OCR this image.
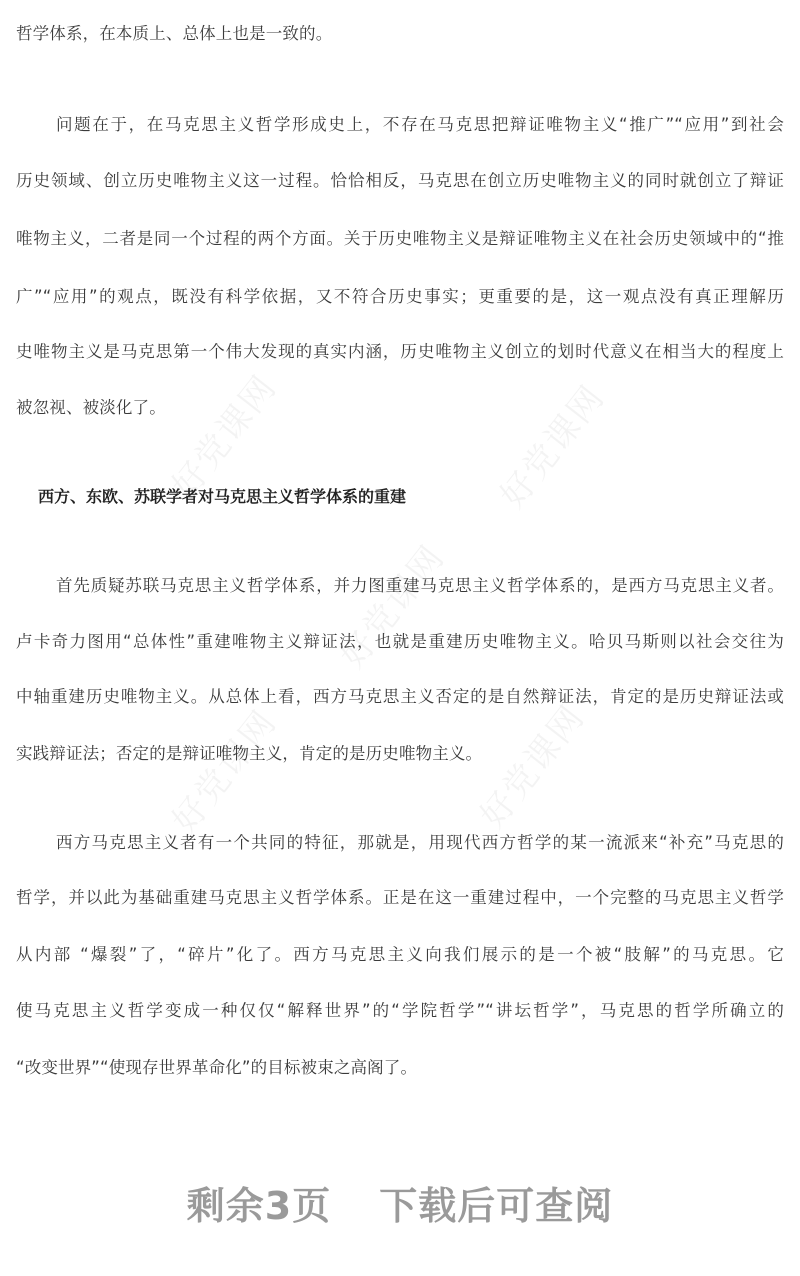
哲学体系，在本质上、总体上也是一致的。
问题在于，在马克思主义哲学形成史上，不存在马克思把辩证唯物主义“推广”“应用”到社会
历史领域、创立历史唯物主义这一过程。恰恰相反，马克思在创立历史唯物主义的同时就创立了辩证
唯物主义，二者是同一个过程的两个方面。关于历史唯物主义是辩证唯物主义在社会历史领域中的“推
广”“应用”的观点，既没有科学依据，又不符合历史事实；更重要的是，这一观点没有真正理解历
史唯物主义是马克思第一个伟大发现的真实内涵，历史唯物主义创立的划时代意义在相当大的程度上
被忽视、被淡化了。
西方、东欧、苏联学者对马克思主义哲学体系的重建
首先质疑苏联马克思主义哲学体系，并力图重建马克思主义哲学体系的，是西方马克思主义者。
卢卡奇力图用“总体性”重建唯物主义辩证法，也就是重建历史唯物主义。哈贝马斯则以社会交往为
中轴重建历史唯物主义。从总体上看，西方马克思主义否定的是自然辩证法，肯定的是历史辩证法或
实践辩证法；否定的是辩证唯物主义，肯定的是历史唯物主义。
西方马克思主义者有一个共同的特征，那就是，用现代西方哲学的某一流派来“补充”马克思的
哲学，并以此为基础重建马克思主义哲学体系。正是在这一重建过程中，一个完整的马克思主义哲学
从内部 “爆裂”了，“碎片”化了。西方马克思主义向我们展示的是一个被“肢解”的马克思。它
使马克思主义哲学变成一种仅仅“解释世界”的“学院哲学”“讲坛哲学”，马克思的哲学所确立的
“改变世界”“使现存世界革命化”的目标被束之高阁了。
剩余3页 下载后可查阅
